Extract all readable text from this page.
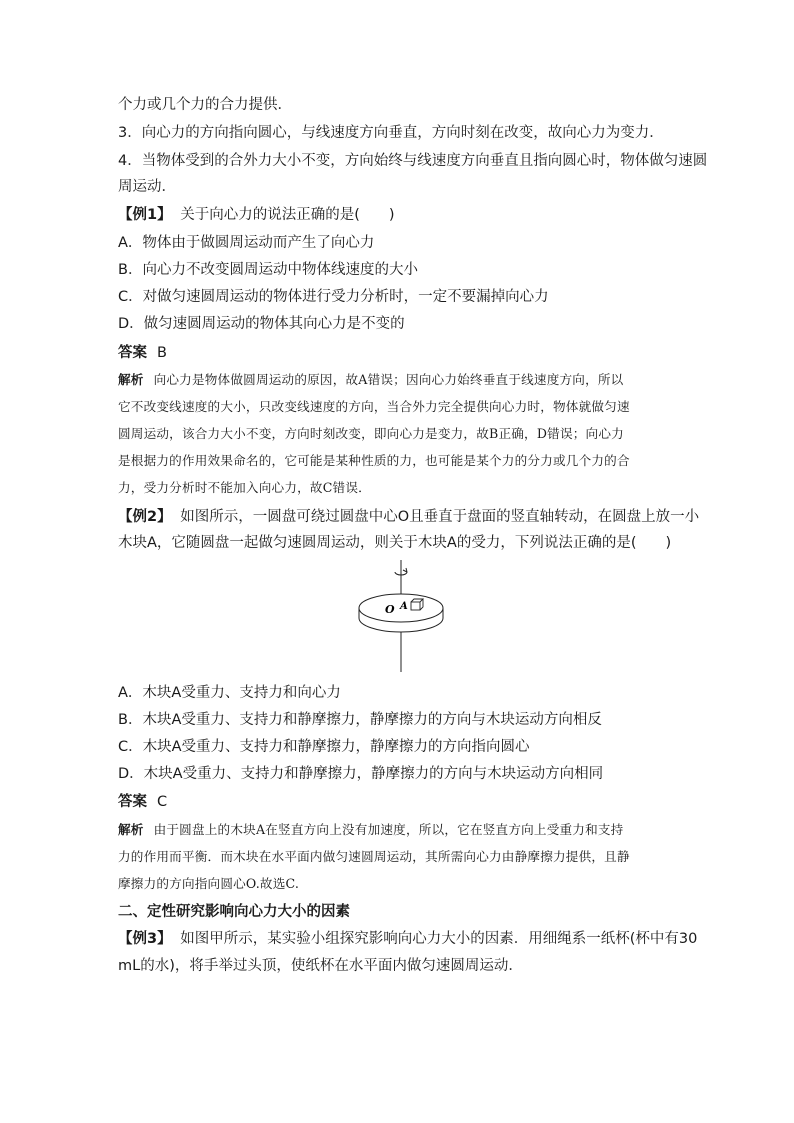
个力或几个力的合力提供．
3．向心力的方向指向圆心，与线速度方向垂直，方向时刻在改变，故向心力为变力．
4．当物体受到的合外力大小不变，方向始终与线速度方向垂直且指向圆心时，物体做匀速圆
周运动．
【例1】 关于向心力的说法正确的是(　　)
A．物体由于做圆周运动而产生了向心力
B．向心力不改变圆周运动中物体线速度的大小
C．对做匀速圆周运动的物体进行受力分析时，一定不要漏掉向心力
D．做匀速圆周运动的物体其向心力是不变的
答案 B
解析 向心力是物体做圆周运动的原因，故A错误；因向心力始终垂直于线速度方向，所以
它不改变线速度的大小，只改变线速度的方向，当合外力完全提供向心力时，物体就做匀速
圆周运动，该合力大小不变，方向时刻改变，即向心力是变力，故B正确，D错误；向心力
是根据力的作用效果命名的，它可能是某种性质的力，也可能是某个力的分力或几个力的合
力，受力分析时不能加入向心力，故C错误．
【例2】 如图所示，一圆盘可绕过圆盘中心O且垂直于盘面的竖直轴转动，在圆盘上放一小
木块A，它随圆盘一起做匀速圆周运动，则关于木块A的受力，下列说法正确的是(　　)
O A
A．木块A受重力、支持力和向心力
B．木块A受重力、支持力和静摩擦力，静摩擦力的方向与木块运动方向相反
C．木块A受重力、支持力和静摩擦力，静摩擦力的方向指向圆心
D．木块A受重力、支持力和静摩擦力，静摩擦力的方向与木块运动方向相同
答案 C
解析 由于圆盘上的木块A在竖直方向上没有加速度，所以，它在竖直方向上受重力和支持
力的作用而平衡．而木块在水平面内做匀速圆周运动，其所需向心力由静摩擦力提供，且静
摩擦力的方向指向圆心O.故选C.
二、定性研究影响向心力大小的因素
【例3】 如图甲所示，某实验小组探究影响向心力大小的因素．用细绳系一纸杯(杯中有30
mL的水)，将手举过头顶，使纸杯在水平面内做匀速圆周运动．
